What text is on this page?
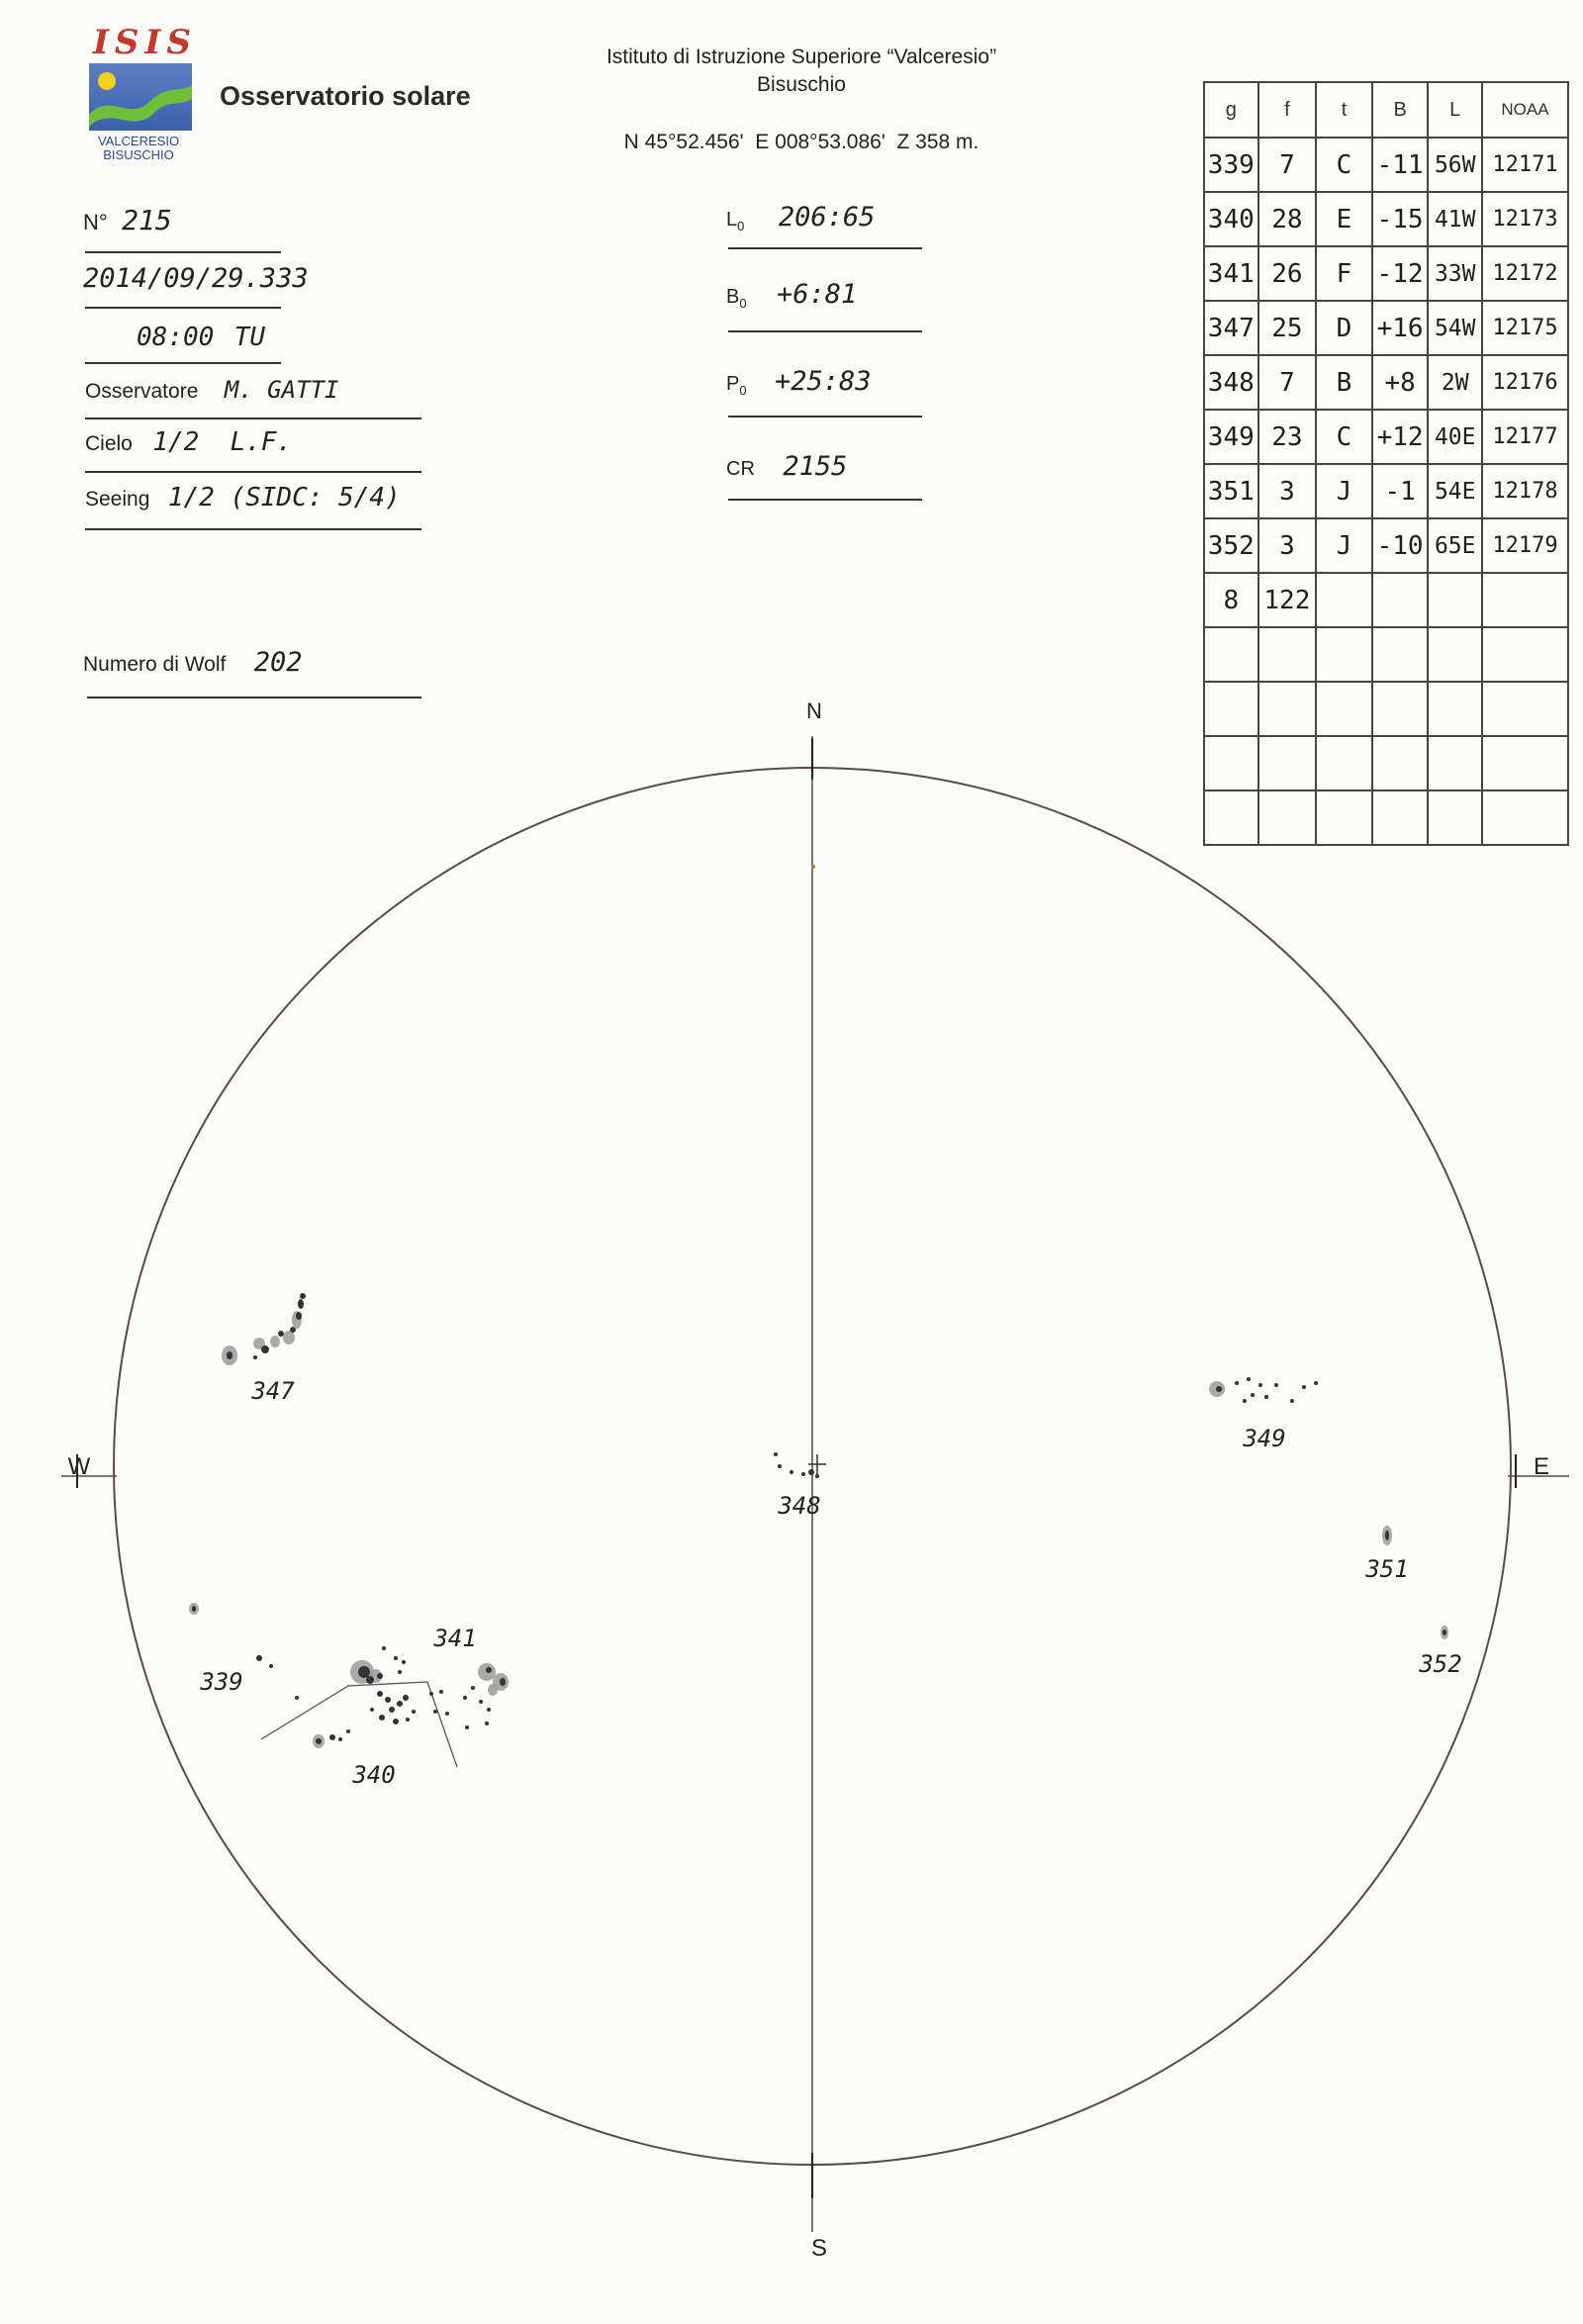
ISIS
VALCERESIO
BISUSCHIO
Osservatorio solare
Istituto di Istruzione Superiore “Valceresio”
Bisuschio
N 45°52.456'  E 008°53.086'  Z 358 m.
N° 215
2014/09/29.333
08:00 TU
Osservatore M. GATTI
Cielo 1/2  L.F.
Seeing 1/2 (SIDC: 5/4)
Numero di Wolf 202
$L_0$ 206:65
$B_0$ +6:81
$P_0$ +25:83
CR 2155
g	f	t	B	L	NOAA
339	7	C	-11	56W	12171
340	28	E	-15	41W	12173
341	26	F	-12	33W	12172
347	25	D	+16	54W	12175
348	7	B	+8	2W	12176
349	23	C	+12	40E	12177
351	3	J	-1	54E	12178
352	3	J	-10	65E	12179
8	122				

N
S
W	E
347
349
348
351
352
341
339
340
